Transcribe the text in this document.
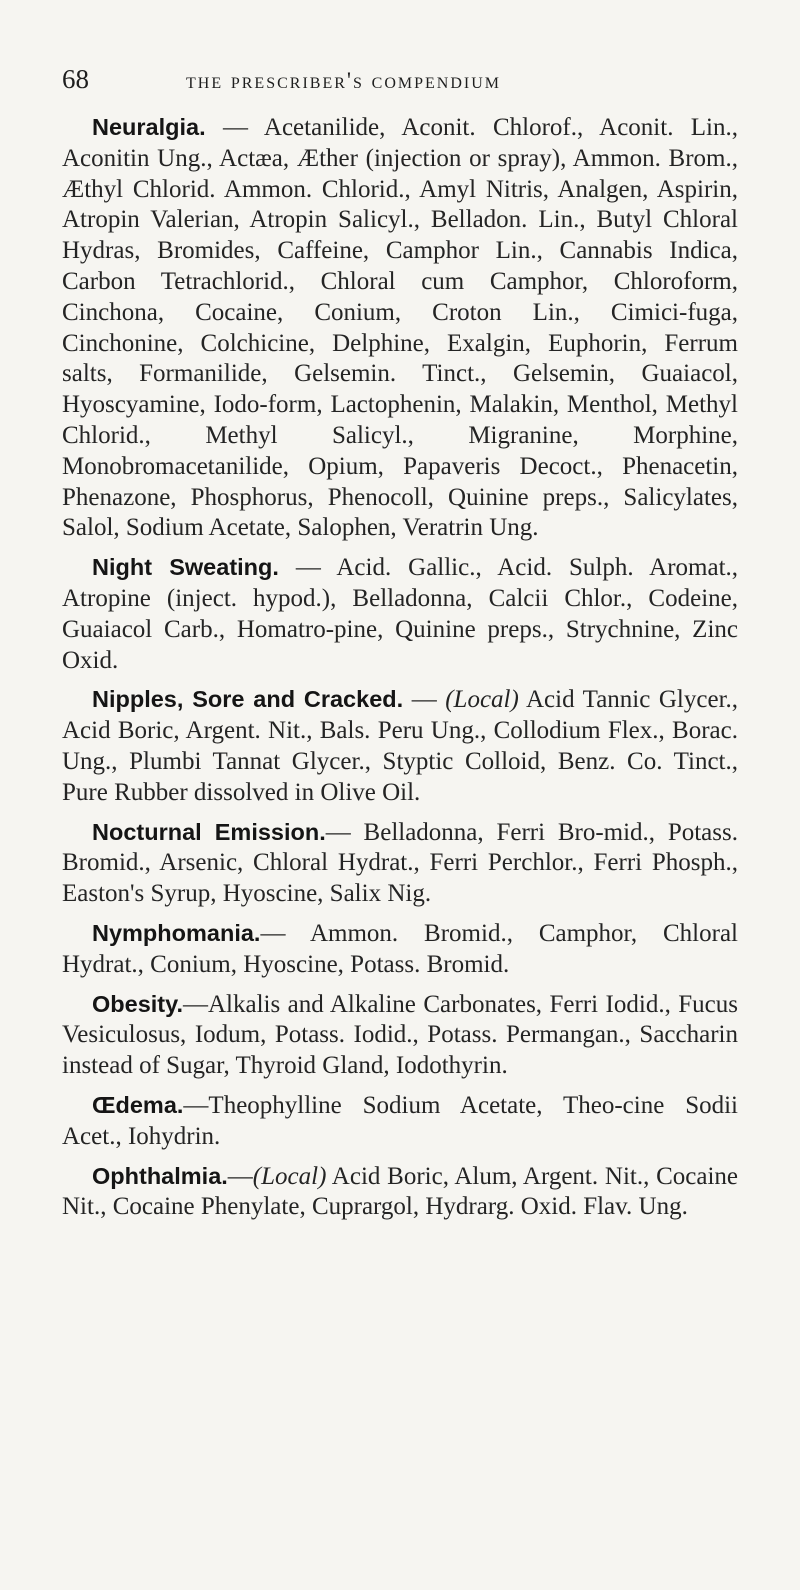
68	the prescriber's compendium

Neuralgia. — Acetanilide, Aconit. Chlorof., Aconit. Lin., Aconitin Ung., Actæa, Æther (injection or spray), Ammon. Brom., Æthyl Chlorid. Ammon. Chlorid., Amyl Nitris, Analgen, Aspirin, Atropin Valerian, Atropin Salicyl., Belladon. Lin., Butyl Chloral Hydras, Bromides, Caffeine, Camphor Lin., Cannabis Indica, Carbon Tetrachlorid., Chloral cum Camphor, Chloroform, Cinchona, Cocaine, Conium, Croton Lin., Cimici-fuga, Cinchonine, Colchicine, Delphine, Exalgin, Euphorin, Ferrum salts, Formanilide, Gelsemin. Tinct., Gelsemin, Guaiacol, Hyoscyamine, Iodo-form, Lactophenin, Malakin, Menthol, Methyl Chlorid., Methyl Salicyl., Migranine, Morphine, Monobromacetanilide, Opium, Papaveris Decoct., Phenacetin, Phenazone, Phosphorus, Phenocoll, Quinine preps., Salicylates, Salol, Sodium Acetate, Salophen, Veratrin Ung.

Night Sweating. — Acid. Gallic., Acid. Sulph. Aromat., Atropine (inject. hypod.), Belladonna, Calcii Chlor., Codeine, Guaiacol Carb., Homatro-pine, Quinine preps., Strychnine, Zinc Oxid.

Nipples, Sore and Cracked. — (Local) Acid Tannic Glycer., Acid Boric, Argent. Nit., Bals. Peru Ung., Collodium Flex., Borac. Ung., Plumbi Tannat Glycer., Styptic Colloid, Benz. Co. Tinct., Pure Rubber dissolved in Olive Oil.

Nocturnal Emission.— Belladonna, Ferri Bro-mid., Potass. Bromid., Arsenic, Chloral Hydrat., Ferri Perchlor., Ferri Phosph., Easton's Syrup, Hyoscine, Salix Nig.

Nymphomania.— Ammon. Bromid., Camphor, Chloral Hydrat., Conium, Hyoscine, Potass. Bromid.

Obesity.—Alkalis and Alkaline Carbonates, Ferri Iodid., Fucus Vesiculosus, Iodum, Potass. Iodid., Potass. Permangan., Saccharin instead of Sugar, Thyroid Gland, Iodothyrin.

Œdema.—Theophylline Sodium Acetate, Theo-cine Sodii Acet., Iohydrin.

Ophthalmia.—(Local) Acid Boric, Alum, Argent. Nit., Cocaine Nit., Cocaine Phenylate, Cuprargol, Hydrarg. Oxid. Flav. Ung.
